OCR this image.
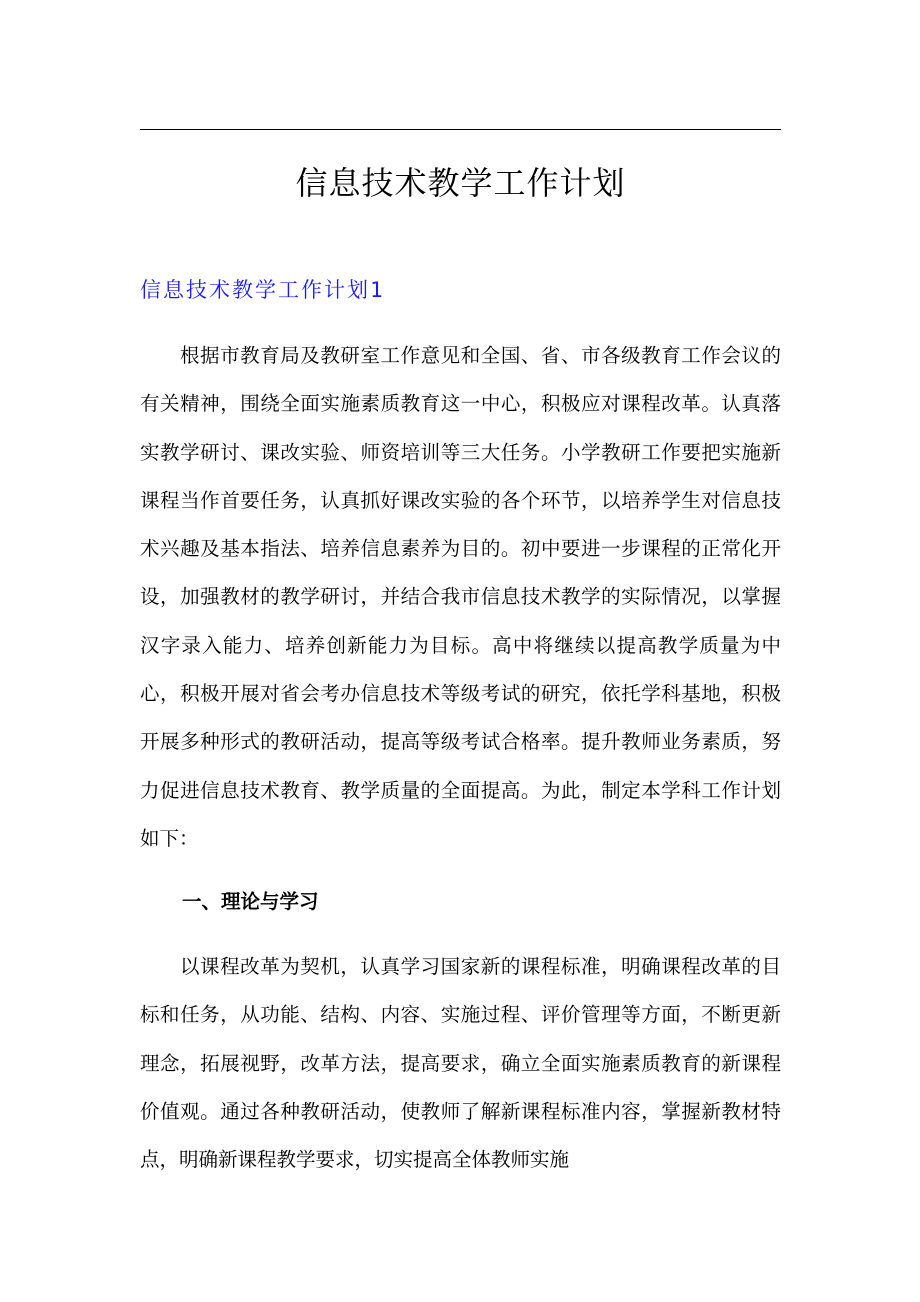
信息技术教学工作计划
信息技术教学工作计划1

根据市教育局及教研室工作意见和全国、省、市各级教育工作会议的有关精神，围绕全面实施素质教育这一中心，积极应对课程改革。认真落实教学研讨、课改实验、师资培训等三大任务。小学教研工作要把实施新课程当作首要任务，认真抓好课改实验的各个环节，以培养学生对信息技术兴趣及基本指法、培养信息素养为目的。初中要进一步课程的正常化开设，加强教材的教学研讨，并结合我市信息技术教学的实际情况，以掌握汉字录入能力、培养创新能力为目标。高中将继续以提高教学质量为中心，积极开展对省会考办信息技术等级考试的研究，依托学科基地，积极开展多种形式的教研活动，提高等级考试合格率。提升教师业务素质，努力促进信息技术教育、教学质量的全面提高。为此，制定本学科工作计划如下：

一、理论与学习

以课程改革为契机，认真学习国家新的课程标准，明确课程改革的目标和任务，从功能、结构、内容、实施过程、评价管理等方面，不断更新理念，拓展视野，改革方法，提高要求，确立全面实施素质教育的新课程价值观。通过各种教研活动，使教师了解新课程标准内容，掌握新教材特点，明确新课程教学要求，切实提高全体教师实施
